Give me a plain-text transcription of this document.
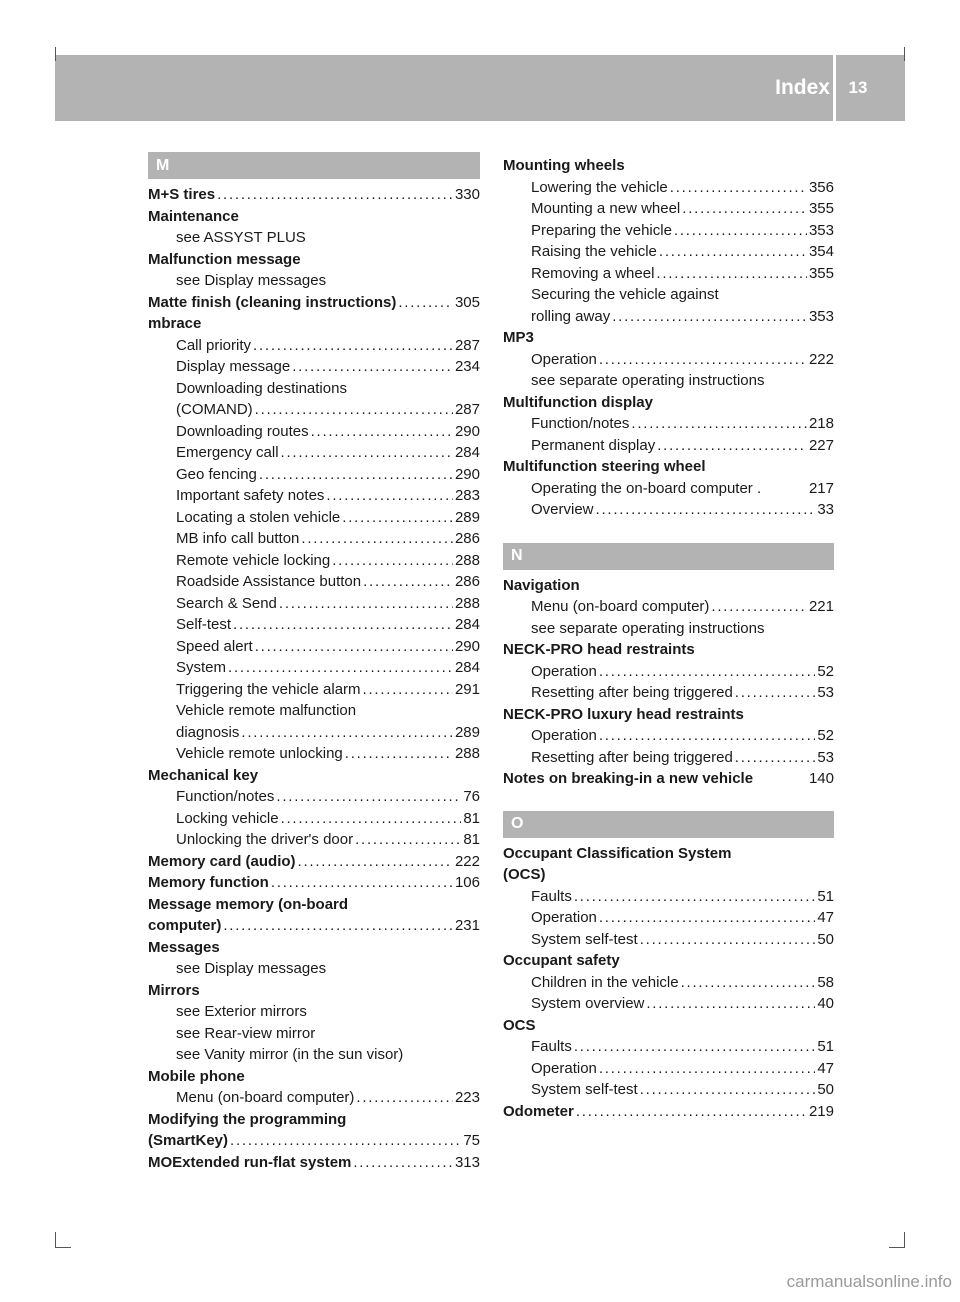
Index	13
M
M+S tires . . .	330
Maintenance
see ASSYST PLUS
Malfunction message
see Display messages
Matte finish (cleaning instructions) . . .	305
mbrace
Call priority . . .	287
Display message . . .	234
Downloading destinations
(COMAND) . . .	287
Downloading routes . . .	290
Emergency call . . .	284
Geo fencing . . .	290
Important safety notes . . .	283
Locating a stolen vehicle . . .	289
MB info call button . . .	286
Remote vehicle locking . . .	288
Roadside Assistance button . . .	286
Search & Send . . .	288
Self-test . . .	284
Speed alert . . .	290
System . . .	284
Triggering the vehicle alarm . . .	291
Vehicle remote malfunction
diagnosis . . .	289
Vehicle remote unlocking . . .	288
Mechanical key
Function/notes . . .	76
Locking vehicle . . .	81
Unlocking the driver's door . . .	81
Memory card (audio) . . .	222
Memory function . . .	106
Message memory (on-board
computer) . . .	231
Messages
see Display messages
Mirrors
see Exterior mirrors
see Rear-view mirror
see Vanity mirror (in the sun visor)
Mobile phone
Menu (on-board computer) . . .	223
Modifying the programming
(SmartKey) . . .	75
MOExtended run-flat system . . .	313
Mounting wheels
Lowering the vehicle . . .	356
Mounting a new wheel . . .	355
Preparing the vehicle . . .	353
Raising the vehicle . . .	354
Removing a wheel . . .	355
Securing the vehicle against
rolling away . . .	353
MP3
Operation . . .	222
see separate operating instructions
Multifunction display
Function/notes . . .	218
Permanent display . . .	227
Multifunction steering wheel
Operating the on-board computer .	217
Overview . . .	33
N
Navigation
Menu (on-board computer) . . .	221
see separate operating instructions
NECK-PRO head restraints
Operation . . .	52
Resetting after being triggered . . .	53
NECK-PRO luxury head restraints
Operation . . .	52
Resetting after being triggered . . .	53
Notes on breaking-in a new vehicle	140
O
Occupant Classification System
(OCS)
Faults . . .	51
Operation . . .	47
System self-test . . .	50
Occupant safety
Children in the vehicle . . .	58
System overview . . .	40
OCS
Faults . . .	51
Operation . . .	47
System self-test . . .	50
Odometer . . .	219
carmanualsonline.info
